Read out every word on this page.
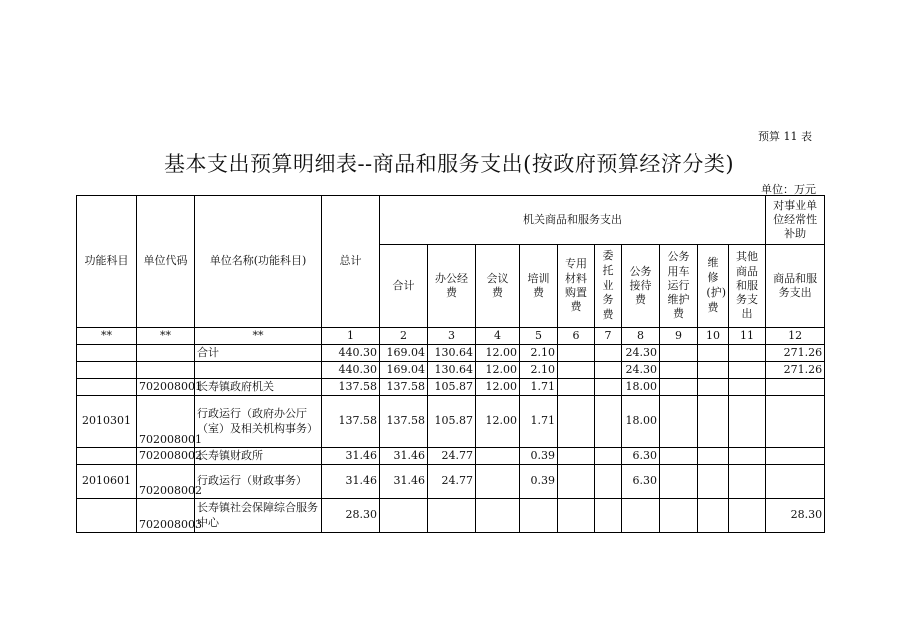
预算 11 表
基本支出预算明细表--商品和服务支出(按政府预算经济分类)
单位：万元
功能科目	单位代码	单位名称(功能科目)	总计	机关商品和服务支出										对事业单位经常性补助
				合计	办公经费	会议费	培训费	专用材料购置费	委托业务费	公务接待费	公务用车运行维护费	维修(护)费	其他商品和服务支出	商品和服务支出
**	**	**	1	2	3	4	5	6	7	8	9	10	11	12
		合计	440.30	169.04	130.64	12.00	2.10			24.30				271.26
			440.30	169.04	130.64	12.00	2.10			24.30				271.26
	702008001	长寿镇政府机关	137.58	137.58	105.87	12.00	1.71			18.00				
2010301	702008001	行政运行（政府办公厅（室）及相关机构事务）	137.58	137.58	105.87	12.00	1.71			18.00				
	702008002	长寿镇财政所	31.46	31.46	24.77		0.39			6.30				
2010601	702008002	行政运行（财政事务）	31.46	31.46	24.77		0.39			6.30				
	702008003	长寿镇社会保障综合服务中心	28.30											28.30
